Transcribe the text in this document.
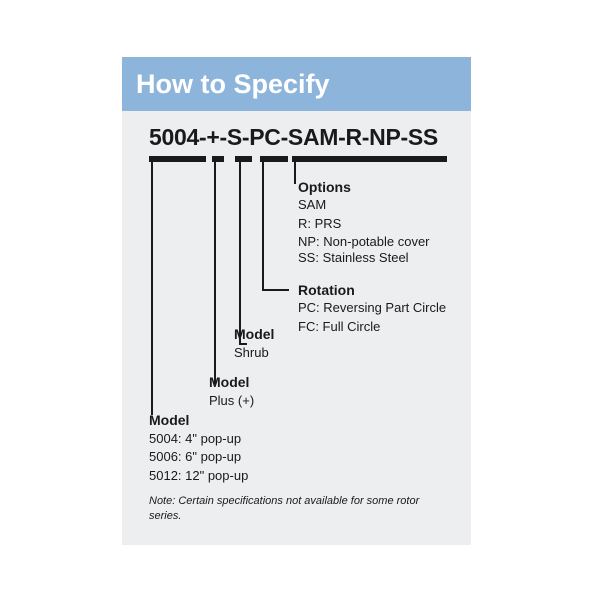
How to Specify
5004-+-S-PC-SAM-R-NP-SS
Options
SAM
R: PRS
NP: Non-potable cover
SS: Stainless Steel
Rotation
PC: Reversing Part Circle
FC: Full Circle
Model
Shrub
Model
Plus (+)
Model
5004: 4" pop-up
5006: 6" pop-up
5012: 12" pop-up
Note: Certain specifications not available for some rotor series.
